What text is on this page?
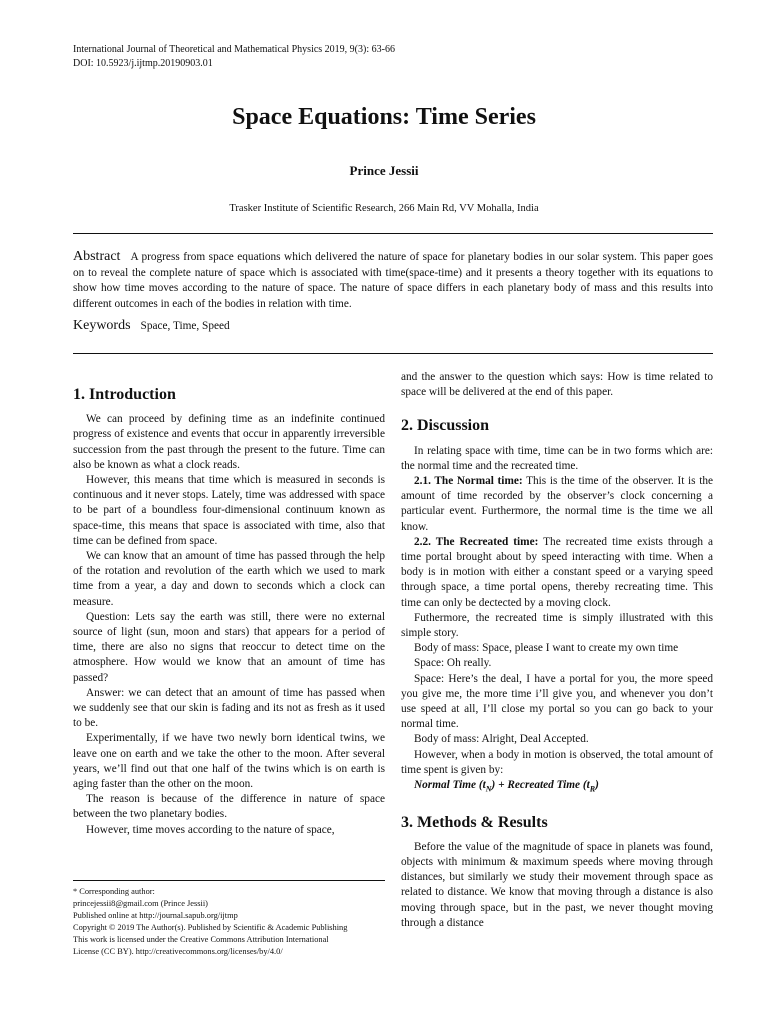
International Journal of Theoretical and Mathematical Physics 2019, 9(3): 63-66
DOI: 10.5923/j.ijtmp.20190903.01
Space Equations: Time Series
Prince Jessii
Trasker Institute of Scientific Research, 266 Main Rd, VV Mohalla, India
Abstract A progress from space equations which delivered the nature of space for planetary bodies in our solar system. This paper goes on to reveal the complete nature of space which is associated with time(space-time) and it presents a theory together with its equations to show how time moves according to the nature of space. The nature of space differs in each planetary body of mass and this results into different outcomes in each of the bodies in relation with time.
Keywords Space, Time, Speed
1. Introduction

We can proceed by defining time as an indefinite continued progress of existence and events that occur in apparently irreversible succession from the past through the present to the future. Time can also be known as what a clock reads.

However, this means that time which is measured in seconds is continuous and it never stops. Lately, time was addressed with space to be part of a boundless four-dimensional continuum known as space-time, this means that space is associated with time, also that time can be defined from space.

We can know that an amount of time has passed through the help of the rotation and revolution of the earth which we used to mark time from a year, a day and down to seconds which a clock can measure.

Question: Lets say the earth was still, there were no external source of light (sun, moon and stars) that appears for a period of time, there are also no signs that reoccur to detect time on the atmosphere. How would we know that an amount of time has passed?

Answer: we can detect that an amount of time has passed when we suddenly see that our skin is fading and its not as fresh as it used to be.

Experimentally, if we have two newly born identical twins, we leave one on earth and we take the other to the moon. After several years, we’ll find out that one half of the twins which is on earth is aging faster than the other on the moon.

The reason is because of the difference in nature of space between the two planetary bodies.

However, time moves according to the nature of space,

and the answer to the question which says: How is time related to space will be delivered at the end of this paper.

2. Discussion

In relating space with time, time can be in two forms which are: the normal time and the recreated time.

2.1. The Normal time: This is the time of the observer. It is the amount of time recorded by the observer’s clock concerning a particular event. Furthermore, the normal time is the time we all know.

2.2. The Recreated time: The recreated time exists through a time portal brought about by speed interacting with time. When a body is in motion with either a constant speed or a varying speed through space, a time portal opens, thereby recreating time. This time can only be dectected by a moving clock.

Futhermore, the recreated time is simply illustrated with this simple story.

Body of mass: Space, please I want to create my own time

Space: Oh really.

Space: Here’s the deal, I have a portal for you, the more speed you give me, the more time i’ll give you, and whenever you don’t use speed at all, I’ll close my portal so you can go back to your normal time.

Body of mass: Alright, Deal Accepted.

However, when a body in motion is observed, the total amount of time spent is given by:

Normal Time $(t_N)$ + Recreated Time $(t_R)$

3. Methods & Results

Before the value of the magnitude of space in planets was found, objects with minimum & maximum speeds where moving through distances, but similarly we study their movement through space as related to distance. We know that moving through a distance is also moving through space, but in the past, we never thought moving through a distance

* Corresponding author:
princejessii8@gmail.com (Prince Jessii)
Published online at http://journal.sapub.org/ijtmp
Copyright © 2019 The Author(s). Published by Scientific & Academic Publishing
This work is licensed under the Creative Commons Attribution International
License (CC BY). http://creativecommons.org/licenses/by/4.0/
